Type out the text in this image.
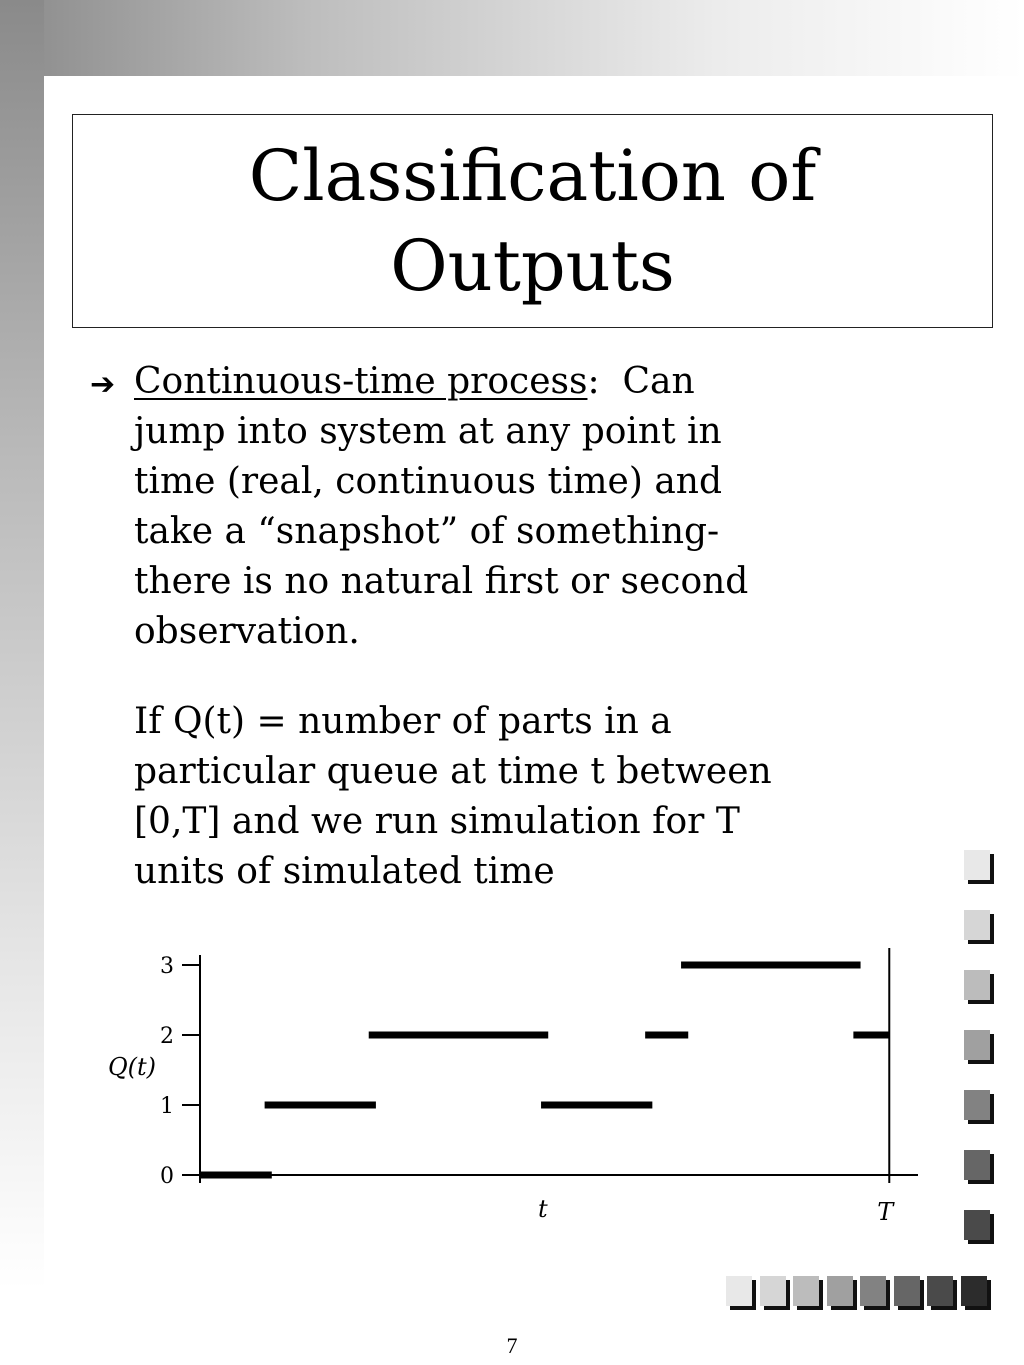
Classification of
Outputs
➔ Continuous-time process:  Can
jump into system at any point in
time (real, continuous time) and
take a “snapshot” of something-
there is no natural first or second
observation.
If Q(t) = number of parts in a
particular queue at time t between
[0,T] and we run simulation for T
units of simulated time
0
1
2
3
Q(t)
t	T
7
